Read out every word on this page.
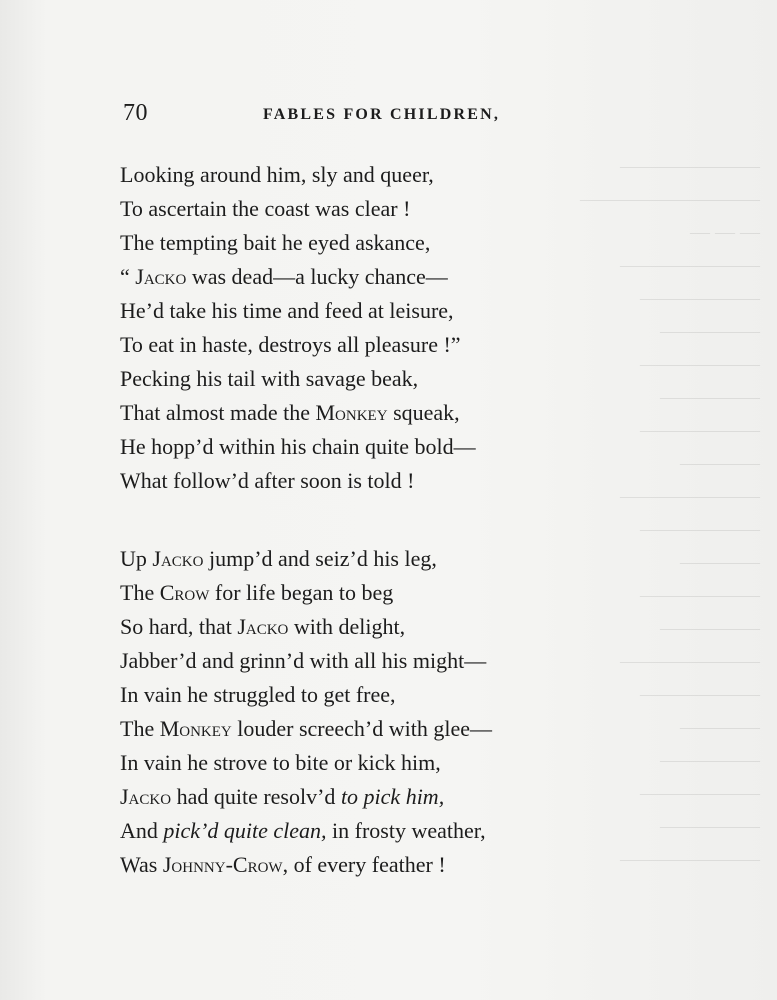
———————
—————————
— — —
———————
——————
—————
——————
—————
——————
————
———————
——————
————
——————
—————
———————
——————
————
—————
——————
—————
———————
70	FABLES FOR CHILDREN,
Looking around him, sly and queer,
To ascertain the coast was clear !
The tempting bait he eyed askance,
“ Jacko was dead—a lucky chance—
He’d take his time and feed at leisure,
To eat in haste, destroys all pleasure !”
Pecking his tail with savage beak,
That almost made the Monkey squeak,
He hopp’d within his chain quite bold—
What follow’d after soon is told !
Up Jacko jump’d and seiz’d his leg,
The Crow for life began to beg
So hard, that Jacko with delight,
Jabber’d and grinn’d with all his might—
In vain he struggled to get free,
The Monkey louder screech’d with glee—
In vain he strove to bite or kick him,
Jacko had quite resolv’d to pick him,
And pick’d quite clean, in frosty weather,
Was Johnny-Crow, of every feather !
